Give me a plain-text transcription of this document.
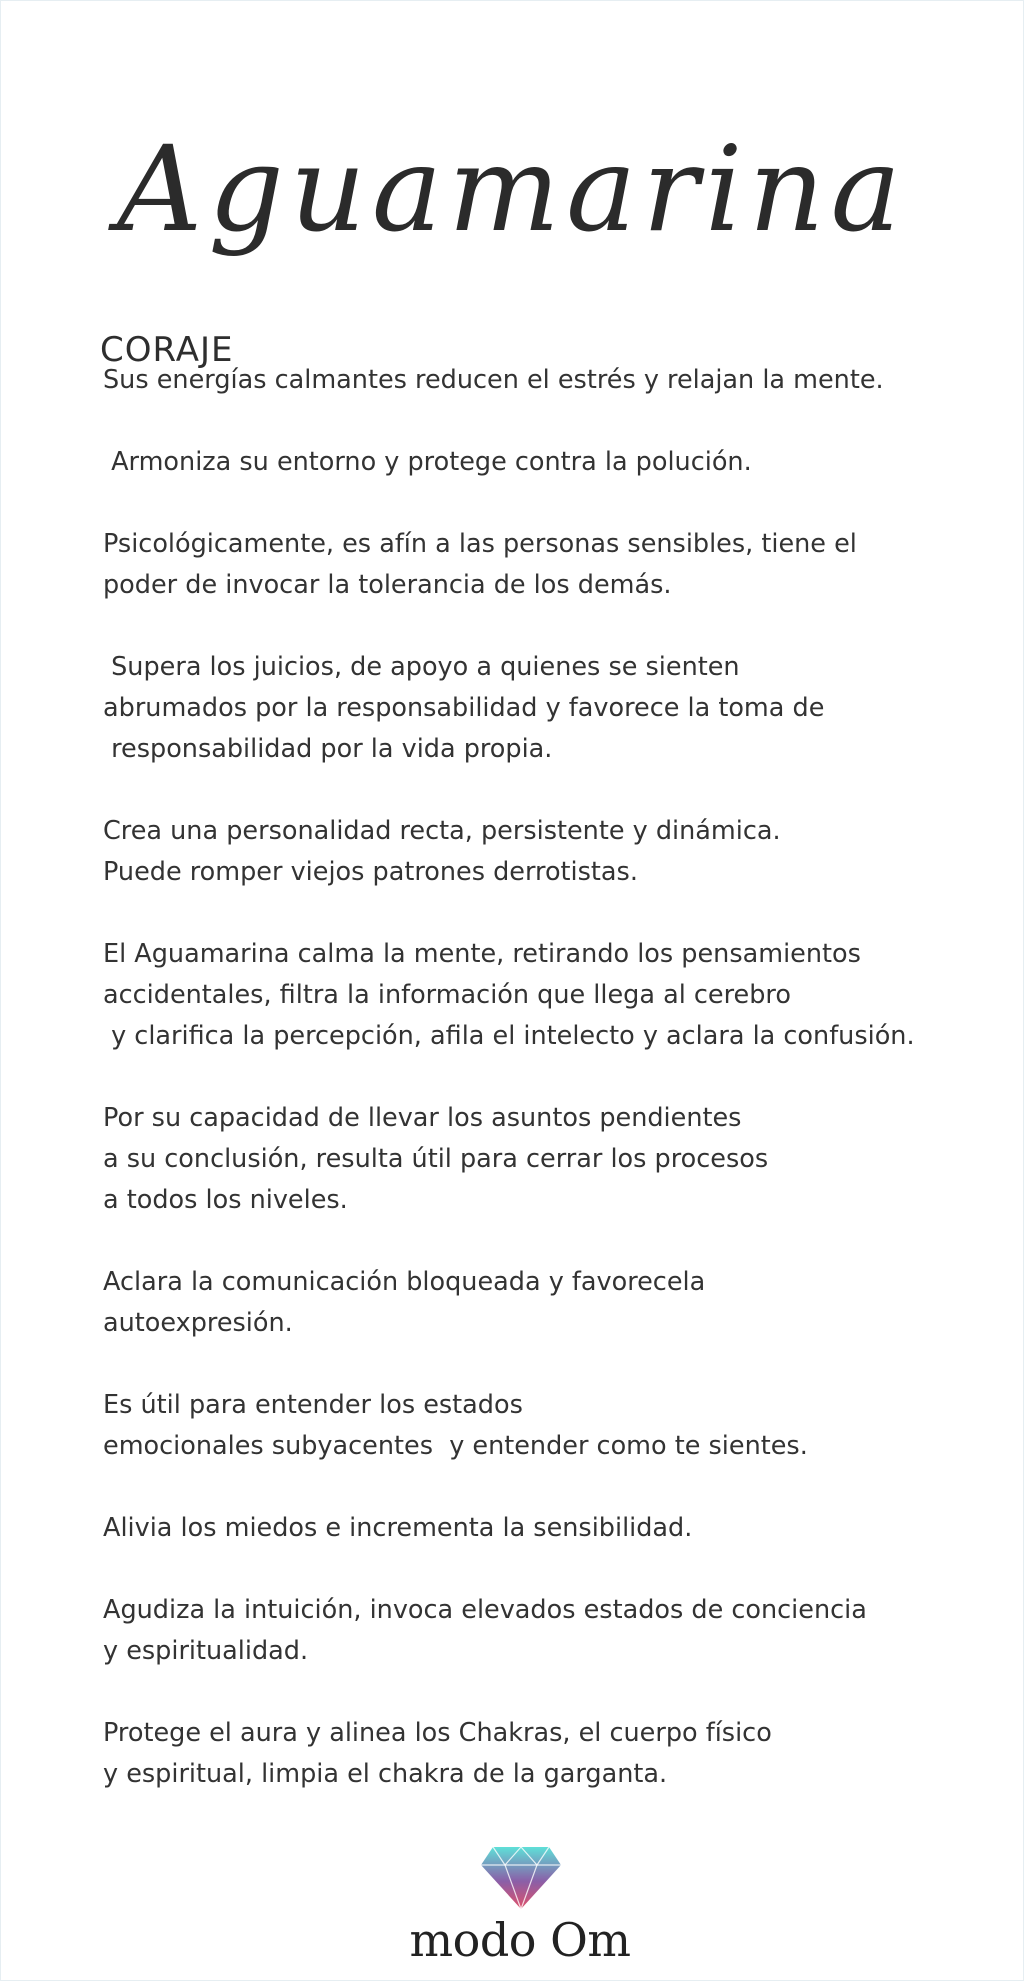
Aguamarina
CORAJE
Sus energías calmantes reducen el estrés y relajan la mente.
Armoniza su entorno y protege contra la polución.
Psicológicamente, es afín a las personas sensibles, tiene el
poder de invocar la tolerancia de los demás.
Supera los juicios, de apoyo a quienes se sienten
abrumados por la responsabilidad y favorece la toma de
responsabilidad por la vida propia.
Crea una personalidad recta, persistente y dinámica.
Puede romper viejos patrones derrotistas.
El Aguamarina calma la mente, retirando los pensamientos
accidentales, filtra la información que llega al cerebro
y clarifica la percepción, afila el intelecto y aclara la confusión.
Por su capacidad de llevar los asuntos pendientes
a su conclusión, resulta útil para cerrar los procesos
a todos los niveles.
Aclara la comunicación bloqueada y favorecela
autoexpresión.
Es útil para entender los estados
emocionales subyacentes  y entender como te sientes.
Alivia los miedos e incrementa la sensibilidad.
Agudiza la intuición, invoca elevados estados de conciencia
y espiritualidad.
Protege el aura y alinea los Chakras, el cuerpo físico
y espiritual, limpia el chakra de la garganta.
modo Om
